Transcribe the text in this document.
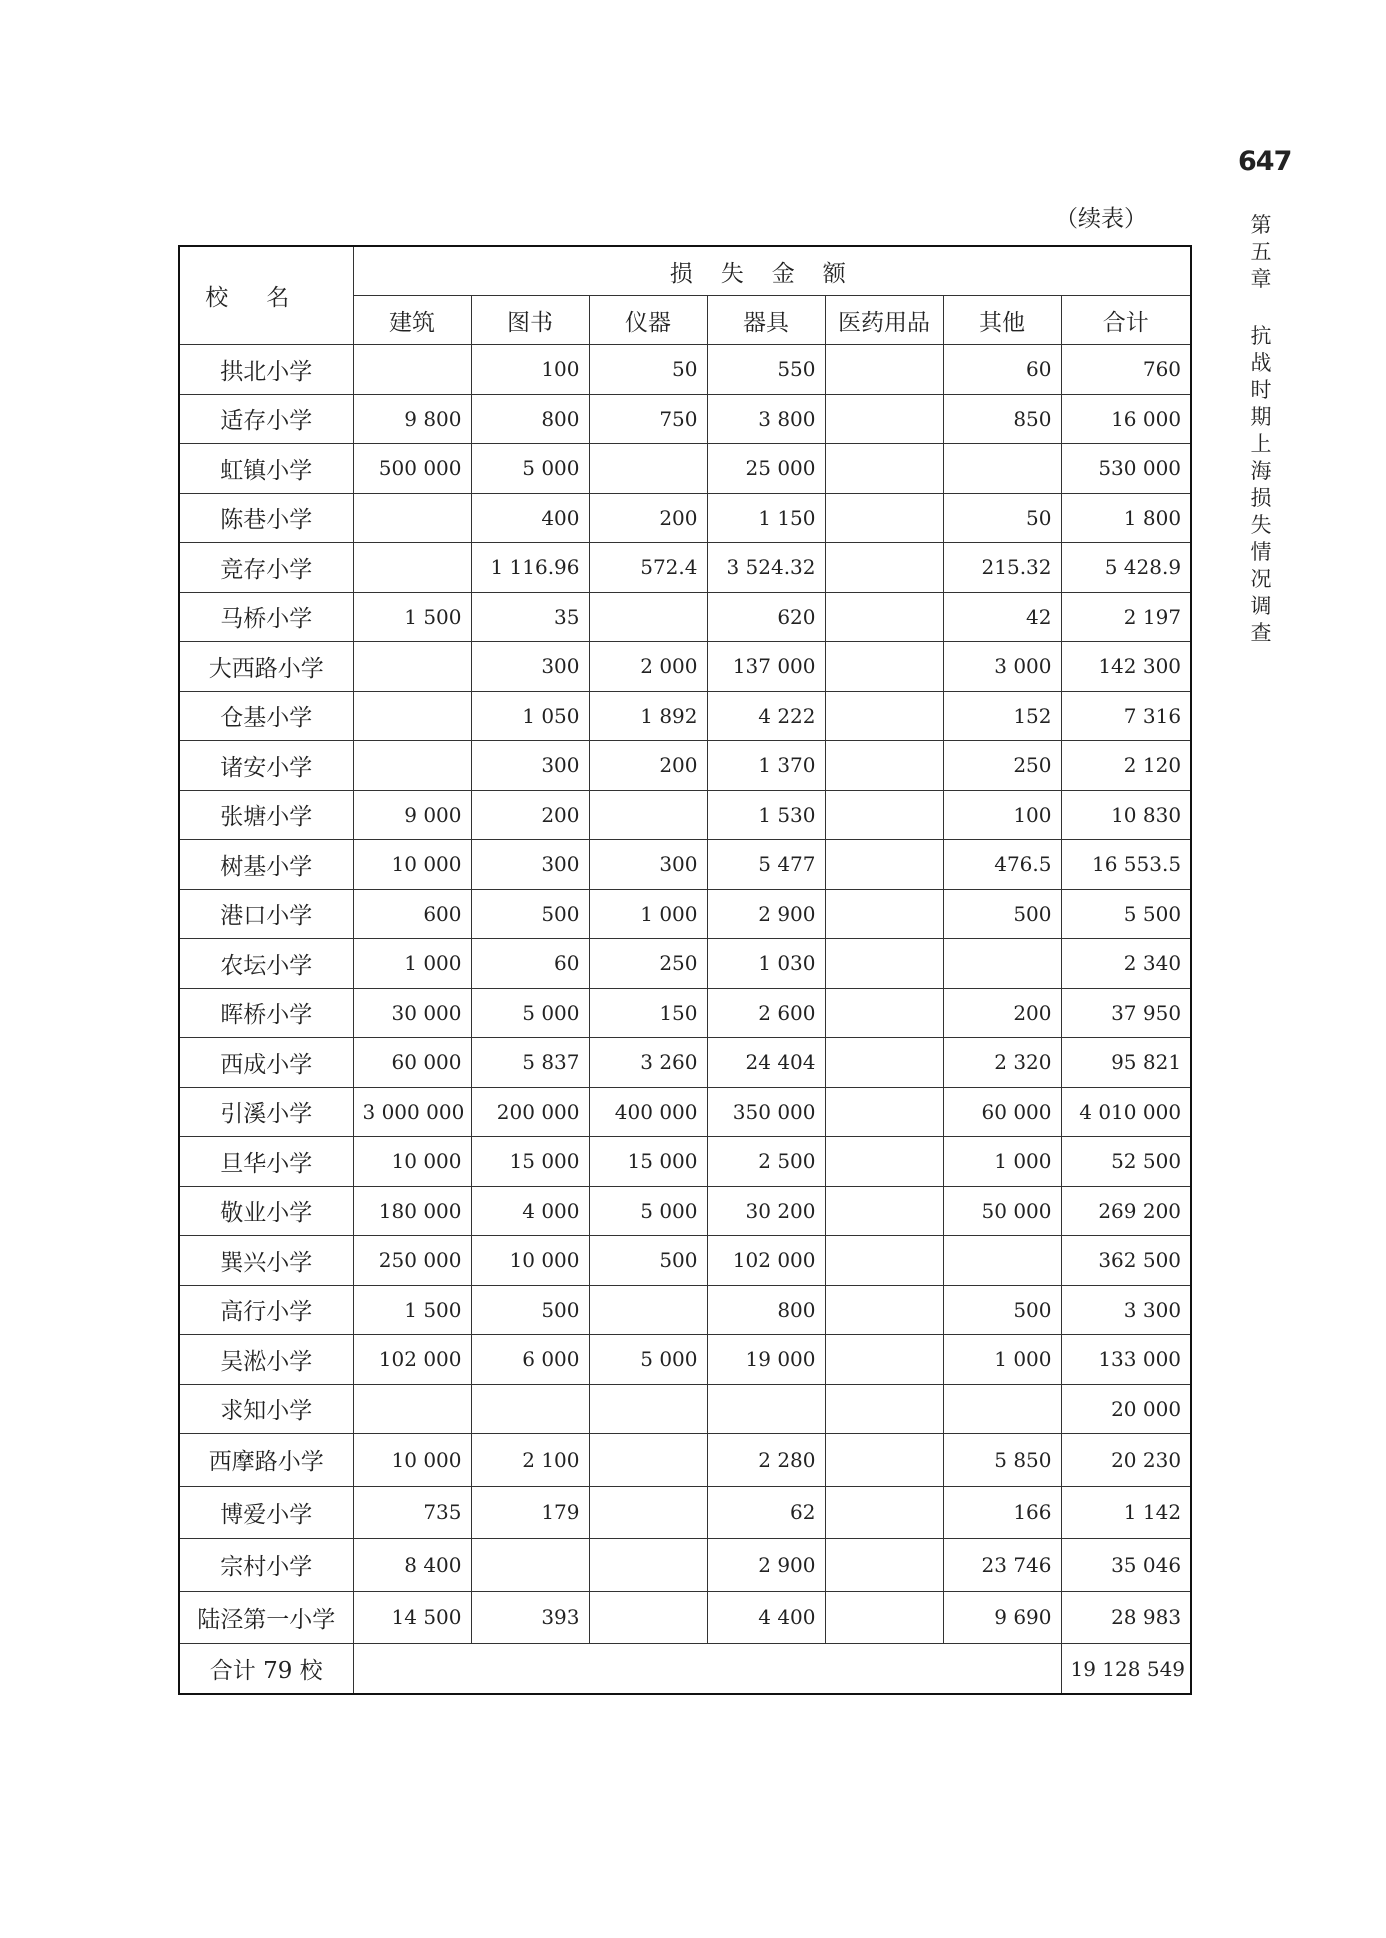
647
（续表）	第五章
抗战时期上海损失情况调查
校名	损失金额						
	建筑	图书	仪器	器具	医药用品	其他	合计
拱北小学		100	50	550		60	760
适存小学	9 800	800	750	3 800		850	16 000
虹镇小学	500 000	5 000		25 000			530 000
陈巷小学		400	200	1 150		50	1 800
竞存小学		1 116.96	572.4	3 524.32		215.32	5 428.9
马桥小学	1 500	35		620		42	2 197
大西路小学		300	2 000	137 000		3 000	142 300
仓基小学		1 050	1 892	4 222		152	7 316
诸安小学		300	200	1 370		250	2 120
张塘小学	9 000	200		1 530		100	10 830
树基小学	10 000	300	300	5 477		476.5	16 553.5
港口小学	600	500	1 000	2 900		500	5 500
农坛小学	1 000	60	250	1 030			2 340
晖桥小学	30 000	5 000	150	2 600		200	37 950
西成小学	60 000	5 837	3 260	24 404		2 320	95 821
引溪小学	3 000 000	200 000	400 000	350 000		60 000	4 010 000
旦华小学	10 000	15 000	15 000	2 500		1 000	52 500
敬业小学	180 000	4 000	5 000	30 200		50 000	269 200
巽兴小学	250 000	10 000	500	102 000			362 500
高行小学	1 500	500		800		500	3 300
吴淞小学	102 000	6 000	5 000	19 000		1 000	133 000
求知小学							20 000
西摩路小学	10 000	2 100		2 280		5 850	20 230
博爱小学	735	179		62		166	1 142
宗村小学	8 400			2 900		23 746	35 046
陆泾第一小学	14 500	393		4 400		9 690	28 983
合计 79 校							19 128 549
